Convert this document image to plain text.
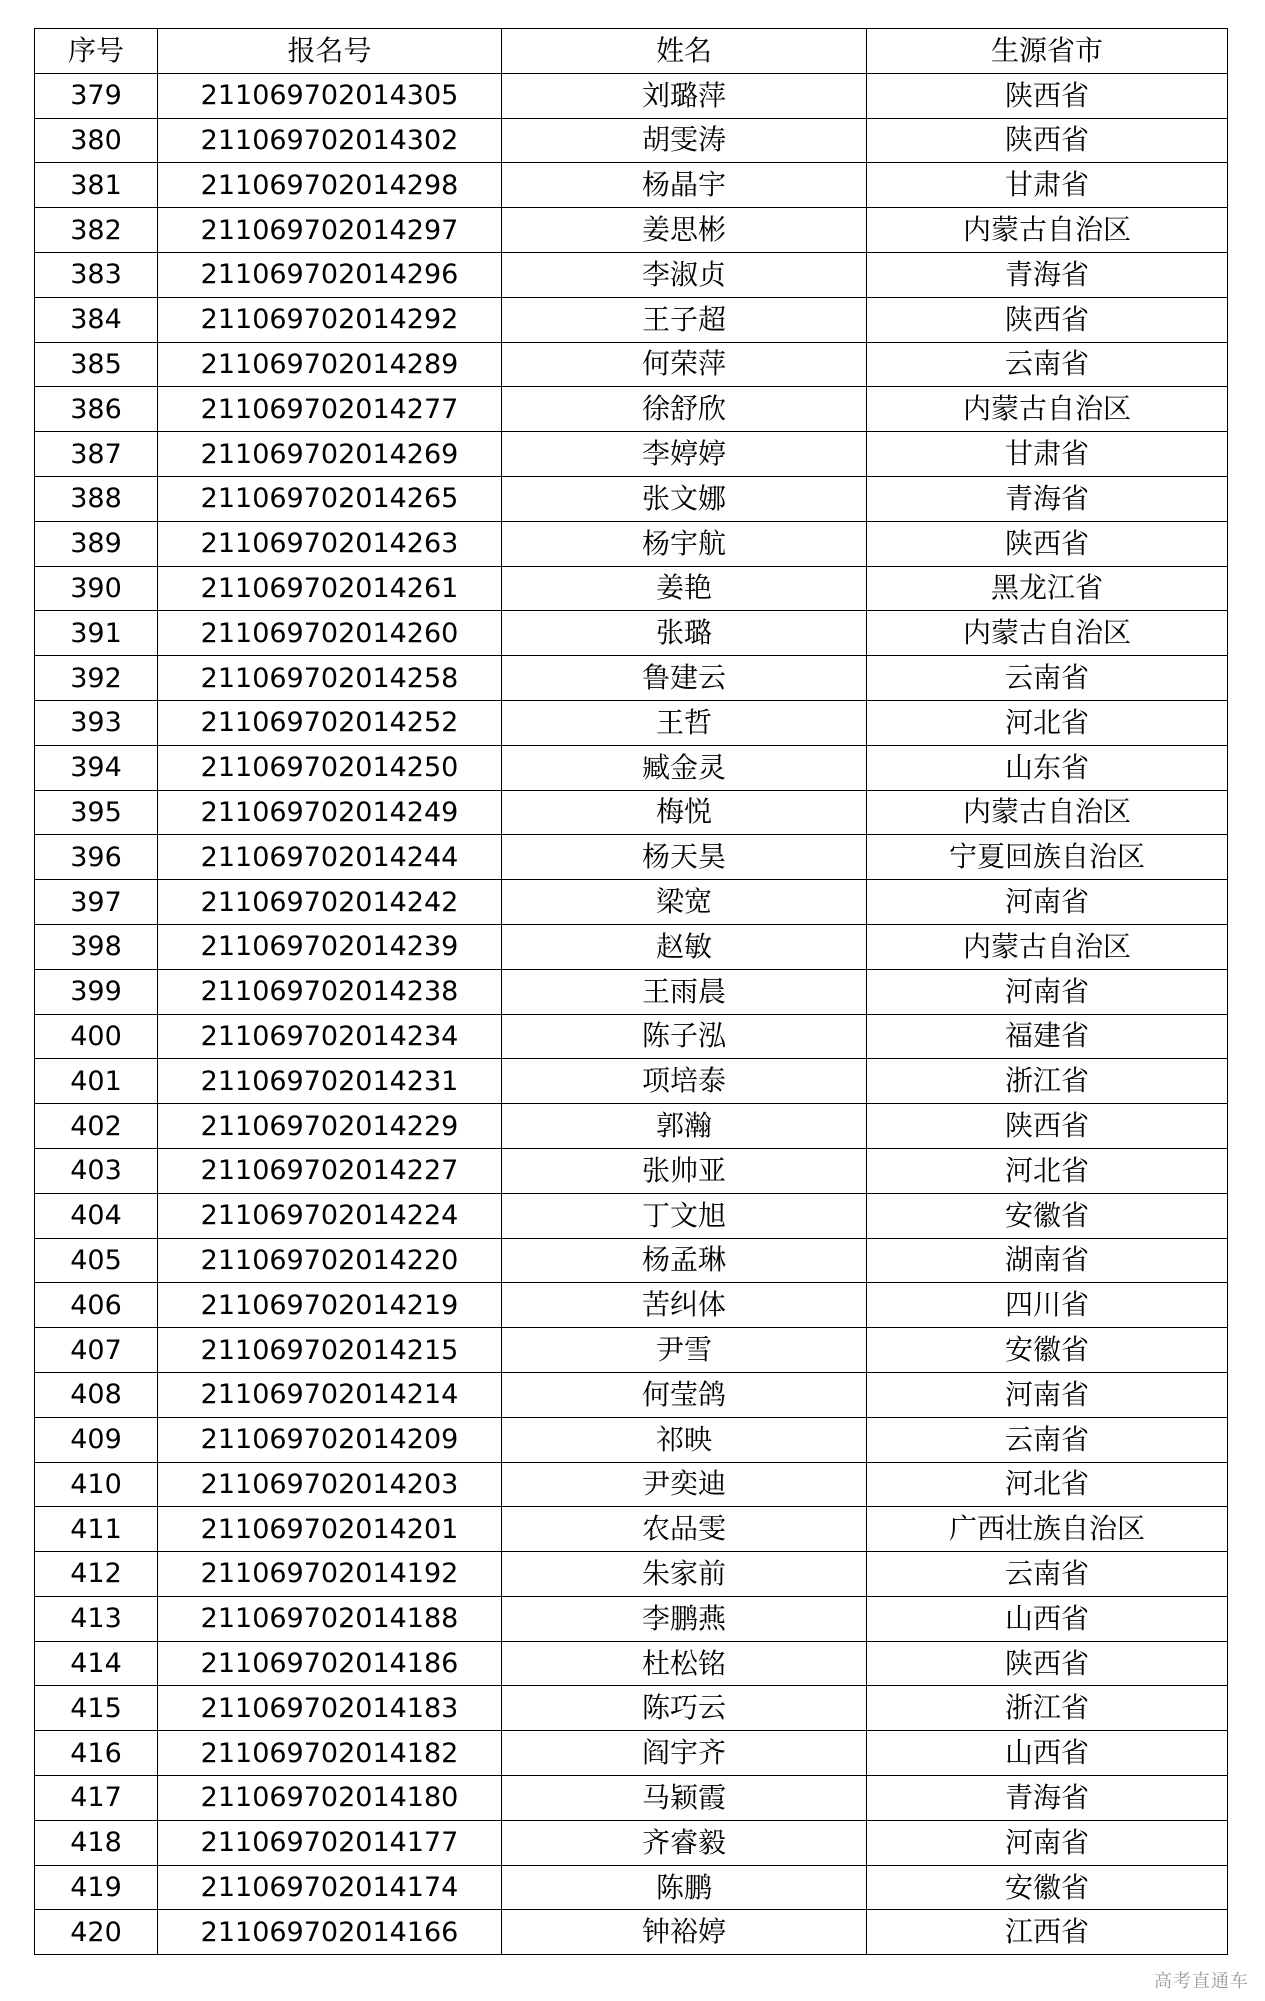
序号	报名号	姓名	生源省市
379	211069702014305	刘璐萍	陕西省
380	211069702014302	胡雯涛	陕西省
381	211069702014298	杨晶宇	甘肃省
382	211069702014297	姜思彬	内蒙古自治区
383	211069702014296	李淑贞	青海省
384	211069702014292	王子超	陕西省
385	211069702014289	何荣萍	云南省
386	211069702014277	徐舒欣	内蒙古自治区
387	211069702014269	李婷婷	甘肃省
388	211069702014265	张文娜	青海省
389	211069702014263	杨宇航	陕西省
390	211069702014261	姜艳	黑龙江省
391	211069702014260	张璐	内蒙古自治区
392	211069702014258	鲁建云	云南省
393	211069702014252	王哲	河北省
394	211069702014250	臧金灵	山东省
395	211069702014249	梅悦	内蒙古自治区
396	211069702014244	杨天昊	宁夏回族自治区
397	211069702014242	梁宽	河南省
398	211069702014239	赵敏	内蒙古自治区
399	211069702014238	王雨晨	河南省
400	211069702014234	陈子泓	福建省
401	211069702014231	项培泰	浙江省
402	211069702014229	郭瀚	陕西省
403	211069702014227	张帅亚	河北省
404	211069702014224	丁文旭	安徽省
405	211069702014220	杨孟琳	湖南省
406	211069702014219	苦纠体	四川省
407	211069702014215	尹雪	安徽省
408	211069702014214	何莹鸽	河南省
409	211069702014209	祁映	云南省
410	211069702014203	尹奕迪	河北省
411	211069702014201	农品雯	广西壮族自治区
412	211069702014192	朱家前	云南省
413	211069702014188	李鹏燕	山西省
414	211069702014186	杜松铭	陕西省
415	211069702014183	陈巧云	浙江省
416	211069702014182	阎宇齐	山西省
417	211069702014180	马颖霞	青海省
418	211069702014177	齐睿毅	河南省
419	211069702014174	陈鹏	安徽省
420	211069702014166	钟裕婷	江西省
高考直通车
